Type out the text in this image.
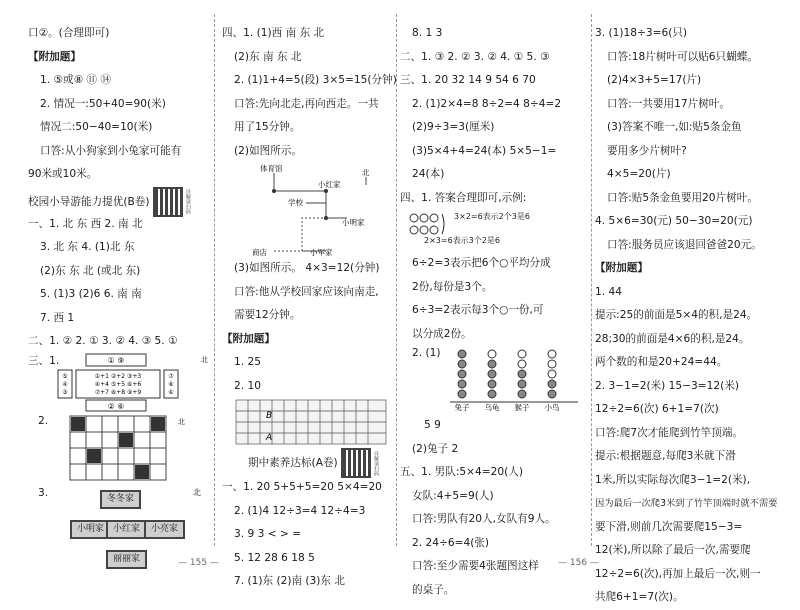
口②。(合理即可)
【附加题】
1. ⑤或⑧ ⑪ ⑭
2. 情况一:50+40=90(米)
情况二:50−40=10(米)
口答:从小狗家到小兔家可能有
90米或10米。
校园小导游能力提优(B卷)	详解请扫码
一、1. 北 东 西 2. 南 北
3. 北 东 4. (1)北 东
(2)东 东 北 (或北 东)
5. (1)3 (2)6 6. 南 南
7. 西 1
二、1. ② 2. ① 3. ② 4. ③ 5. ①
三、1.	① ⑨
⑤
④
③
①+1 ②+2 ③+3
④+4 ⑤+5 ⑥+6
⑦+7 ⑧+8 ⑨+9
⑦
⑧
⑥
② ⑥
北
2.	北
3.	冬冬家
小明家 小红家	小亮家
丽丽家
北
四、1. (1)西 南 东 北
(2)东 南 东 北
2. (1)1+4=5(段) 3×5=15(分钟)
口答:先向北走,再向西走。一共
用了15分钟。
(2)如图所示。
体育馆
小红家
学校
小明家
商店	小军家
北
(3)如图所示。 4×3=12(分钟)
口答:他从学校回家应该向南走,
需要12分钟。
【附加题】
1. 25
2. 10
B
A
期中素养达标(A卷)	详解请扫码
一、1. 20 5+5+5=20 5×4=20
2. (1)4 12÷3=4 12÷4=3
3. 9 3 < > =
5. 12 28 6 18 5
7. (1)东 (2)南 (3)东 北
8. 1 3
二、1. ③ 2. ② 3. ② 4. ① 5. ③
三、1. 20 32 14 9 54 6 70
2. (1)2×4=8 8÷2=4 8÷4=2
(2)9÷3=3(厘米)
(3)5×4+4=24(本) 5×5−1=
24(本)
四、1. 答案合理即可,示例:
3×2=6表示2个3是6
2×3=6表示3个2是6
6÷2=3表示把6个○平均分成
2份,每份是3个。
6÷3=2表示每3个○一份,可
以分成2份。
2. (1)
兔子 乌龟 猴子 小鸟
5 9
(2)兔子 2
五、1. 男队:5×4=20(人)
女队:4+5=9(人)
口答:男队有20人,女队有9人。
2. 24÷6=4(张)
口答:至少需要4张题图这样
的桌子。
3. (1)18÷3=6(只)
口答:18片树叶可以贴6只蝴蝶。
(2)4×3+5=17(片)
口答:一共要用17片树叶。
(3)答案不唯一,如:贴5条金鱼
要用多少片树叶?
4×5=20(片)
口答:贴5条金鱼要用20片树叶。
4. 5×6=30(元) 50−30=20(元)
口答:服务员应该退回爸爸20元。
【附加题】
1. 44
提示:25的前面是5×4的积,是24。
28;30的前面是4×6的积,是24。
两个数的和是20+24=44。
2. 3−1=2(米) 15−3=12(米)
12÷2=6(次) 6+1=7(次)
口答:爬7次才能爬到竹竿顶端。
提示:根据题意,每爬3米就下滑
1米,所以实际每次爬3−1=2(米),
因为最后一次爬3米到了竹竿顶端时就不需要
要下滑,则前几次需要爬15−3=
12(米),所以除了最后一次,需要爬
12÷2=6(次),再加上最后一次,则一
共爬6+1=7(次)。
— 155 —	— 156 —
